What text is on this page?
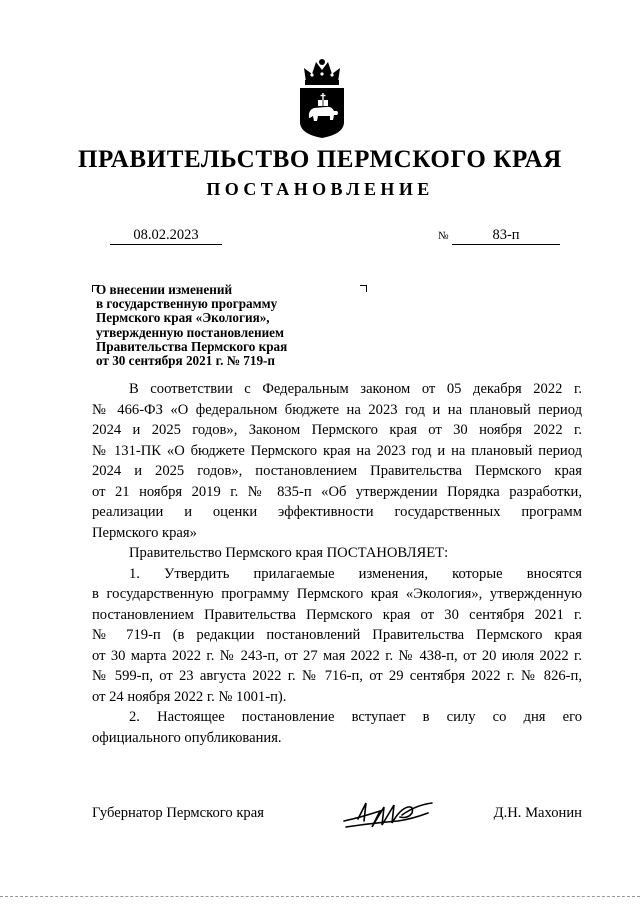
ПРАВИТЕЛЬСТВО ПЕРМСКОГО КРАЯ
ПОСТАНОВЛЕНИЕ
08.02.2023	№	83-п
О внесении изменений
в государственную программу
Пермского края «Экология»,
утвержденную постановлением
Правительства Пермского края
от 30 сентября 2021 г. № 719-п
В соответствии с Федеральным законом от 05 декабря 2022 г.
№ 466-ФЗ «О федеральном бюджете на 2023 год и на плановый период
2024 и 2025 годов», Законом Пермского края от 30 ноября 2022 г.
№ 131-ПК «О бюджете Пермского края на 2023 год и на плановый период
2024 и 2025 годов», постановлением Правительства Пермского края
от 21 ноября 2019 г. № 835-п «Об утверждении Порядка разработки,
реализации и оценки эффективности государственных программ
Пермского края»
Правительство Пермского края ПОСТАНОВЛЯЕТ:
1. Утвердить прилагаемые изменения, которые вносятся
в государственную программу Пермского края «Экология», утвержденную
постановлением Правительства Пермского края от 30 сентября 2021 г.
№ 719-п (в редакции постановлений Правительства Пермского края
от 30 марта 2022 г. № 243-п, от 27 мая 2022 г. № 438-п, от 20 июля 2022 г.
№ 599-п, от 23 августа 2022 г. № 716-п, от 29 сентября 2022 г. № 826-п,
от 24 ноября 2022 г. № 1001-п).
2. Настоящее постановление вступает в силу со дня его
официального опубликования.
Губернатор Пермского края	Д.Н. Махонин
